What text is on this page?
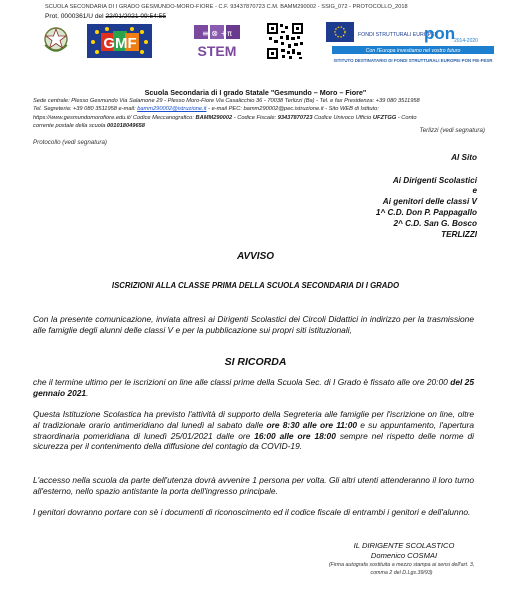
SCUOLA SECONDARIA DI I GRADO GESMUNDO-MORO-FIORE - C.F. 93437870723 C.M. BAMM290002 - SSIG_072 - PROTOCOLLO_2018
Prot. 0000361/U del 22/01/2021 09:54:55
GMF
≡ ⊗ +π
STEM
FONDI STRUTTURALI EUROPEI
pon
2014-2020
Con l'Europa investiamo nel vostro futuro
ISTITUTO DESTINATARIO DI FONDI STRUTTURALI EUROPEI PON FIE-FESR
Scuola Secondaria di I grado Statale "Gesmundo – Moro – Fiore"
Sede centrale: Plesso Gesmundo Via Salamone 29 - Plesso Moro-Fiore Via Casalicchio 36 - 70038 Terlizzi (Ba) - Tel. e fax Presidenza: +39 080 3511958
Tel. Segreteria: +39 080 3511958 e-mail: bamm290002@istruzione.it - e-mail PEC: bamm290002@pec.istruzione.it - Sito WEB di Istituto:
https://www.gesmundomorofiore.edu.it/ Codice Meccanografico: BAMM290002 - Codice Fiscale: 93437870723 Codice Univoco Ufficio UFZTGG - Conto
corrente postale della scuola 001018049658
Terlizzi (vedi segnatura)
Protocollo (vedi segnatura)
Al Sito
Ai Dirigenti Scolastici
e
Ai genitori delle classi V
1^ C.D. Don P. Pappagallo
2^ C.D. San G. Bosco
TERLIZZI
AVVISO
ISCRIZIONI ALLA CLASSE PRIMA DELLA SCUOLA SECONDARIA DI I GRADO
Con la presente comunicazione, inviata altresì ai Dirigenti Scolastici dei Circoli Didattici in indirizzo per la trasmissione alle famiglie degli alunni delle classi V e per la pubblicazione sui propri siti istituzionali,
SI RICORDA
che il termine ultimo per le iscrizioni on line alle classi prime della Scuola Sec. di I Grado è fissato alle ore 20:00 del 25 gennaio 2021.
Questa Istituzione Scolastica ha previsto l'attività di supporto della Segreteria alle famiglie per l'iscrizione on line, oltre al tradizionale orario antimeridiano dal lunedì al sabato dalle ore 8:30 alle ore 11:00 e su appuntamento, l'apertura straordinaria pomeridiana di lunedì 25/01/2021 dalle ore 16:00 alle ore 18:00 sempre nel rispetto delle norme di sicurezza per il contenimento della diffusione del contagio da COVID-19.
L'accesso nella scuola da parte dell'utenza dovrà avvenire 1 persona per volta. Gli altri utenti attenderanno il loro turno all'esterno, nello spazio antistante la porta dell'ingresso principale.
I genitori dovranno portare con sè i documenti di riconoscimento ed il codice fiscale di entrambi i genitori e dell'alunno.
IL DIRIGENTE SCOLASTICO
Domenico COSMAI
(Firma autografa sostituita a mezzo stampa ai sensi dell'art. 3, comma 2 del D.Lgs.39/93)
